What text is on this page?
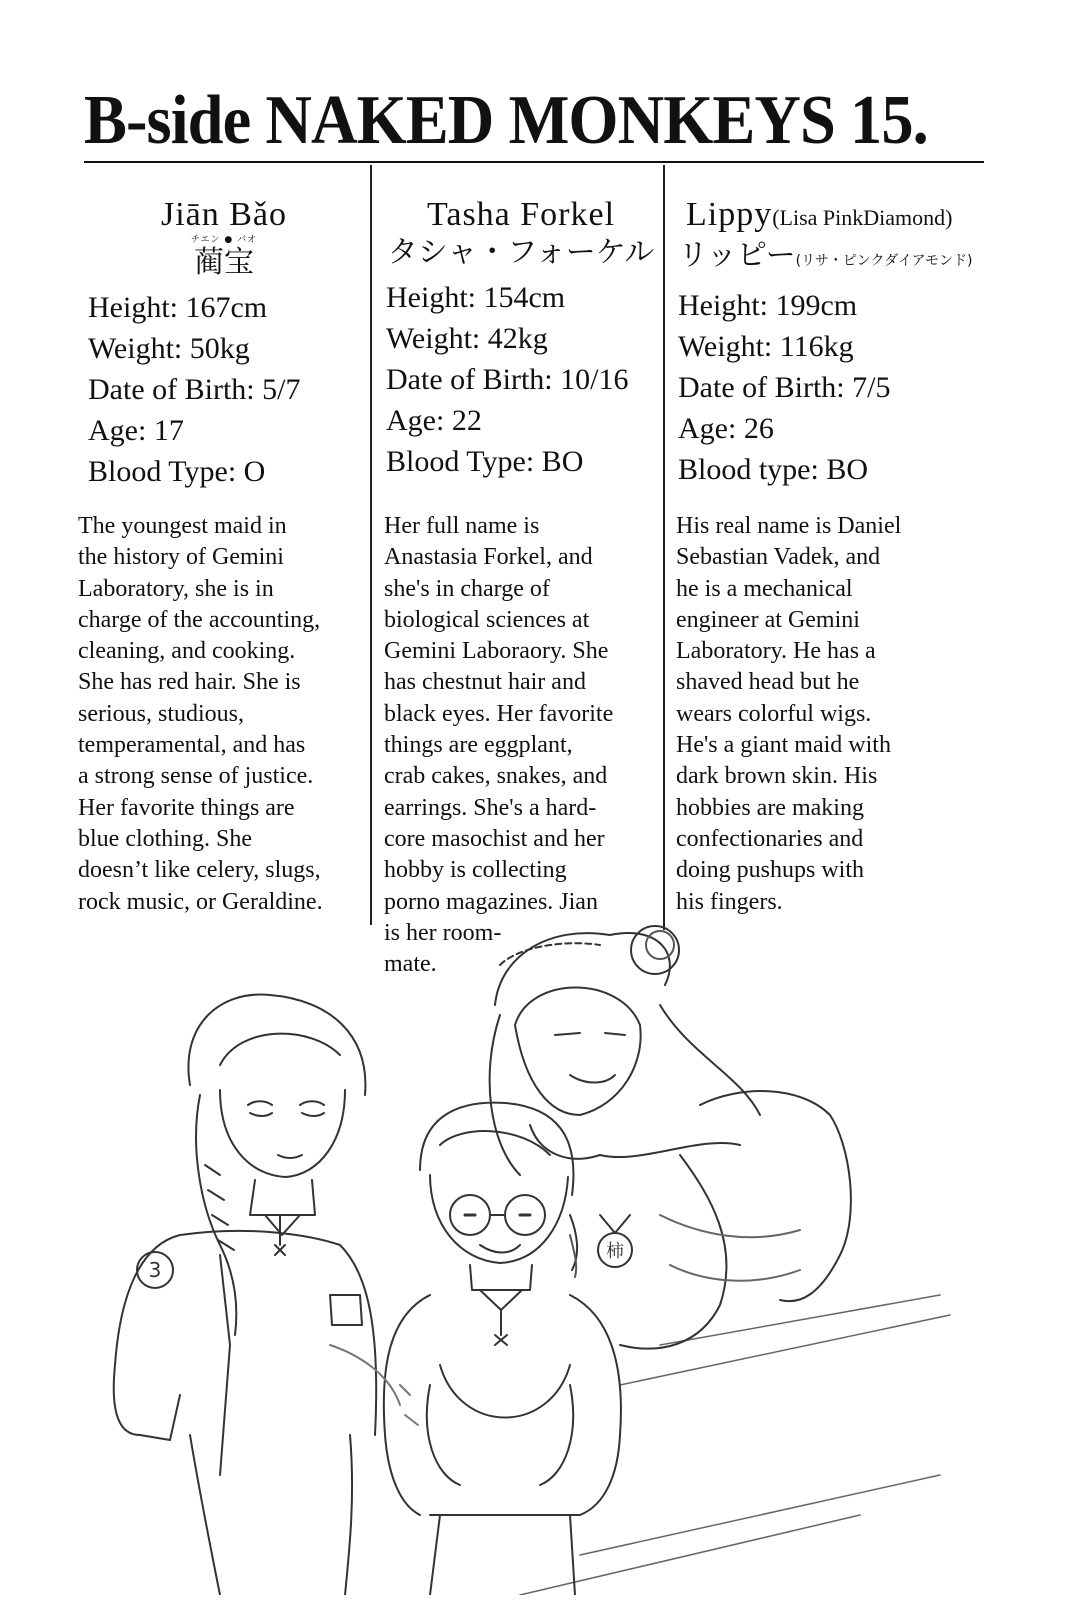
B-side NAKED MONKEYS 15.
Jiān Bǎo
チエン ● バオ
蔺宝
Height: 167cm
Weight: 50kg
Date of Birth: 5/7
Age: 17
Blood Type: O
The youngest maid in
the history of Gemini
Laboratory, she is in
charge of the accounting,
cleaning, and cooking.
She has red hair. She is
serious, studious,
temperamental, and has
a strong sense of justice.
Her favorite things are
blue clothing. She
doesn’t like celery, slugs,
rock music, or Geraldine.
Tasha Forkel
タシャ・フォーケル
Height: 154cm
Weight: 42kg
Date of Birth: 10/16
Age: 22
Blood Type: BO
Her full name is
Anastasia Forkel, and
she's in charge of
biological sciences at
Gemini Laboraory. She
has chestnut hair and
black eyes. Her favorite
things are eggplant,
crab cakes, snakes, and
earrings. She's a hard-
core masochist and her
hobby is collecting
porno magazines. Jian
is her room-
mate.
Lippy(Lisa PinkDiamond)
リッピー(リサ・ピンクダイアモンド)
Height: 199cm
Weight: 116kg
Date of Birth: 7/5
Age: 26
Blood type: BO
His real name is Daniel
Sebastian Vadek, and
he is a mechanical
engineer at Gemini
Laboratory. He has a
shaved head but he
wears colorful wigs.
He's a giant maid with
dark brown skin. His
hobbies are making
confectionaries and
doing pushups with
his fingers.
柿
3
